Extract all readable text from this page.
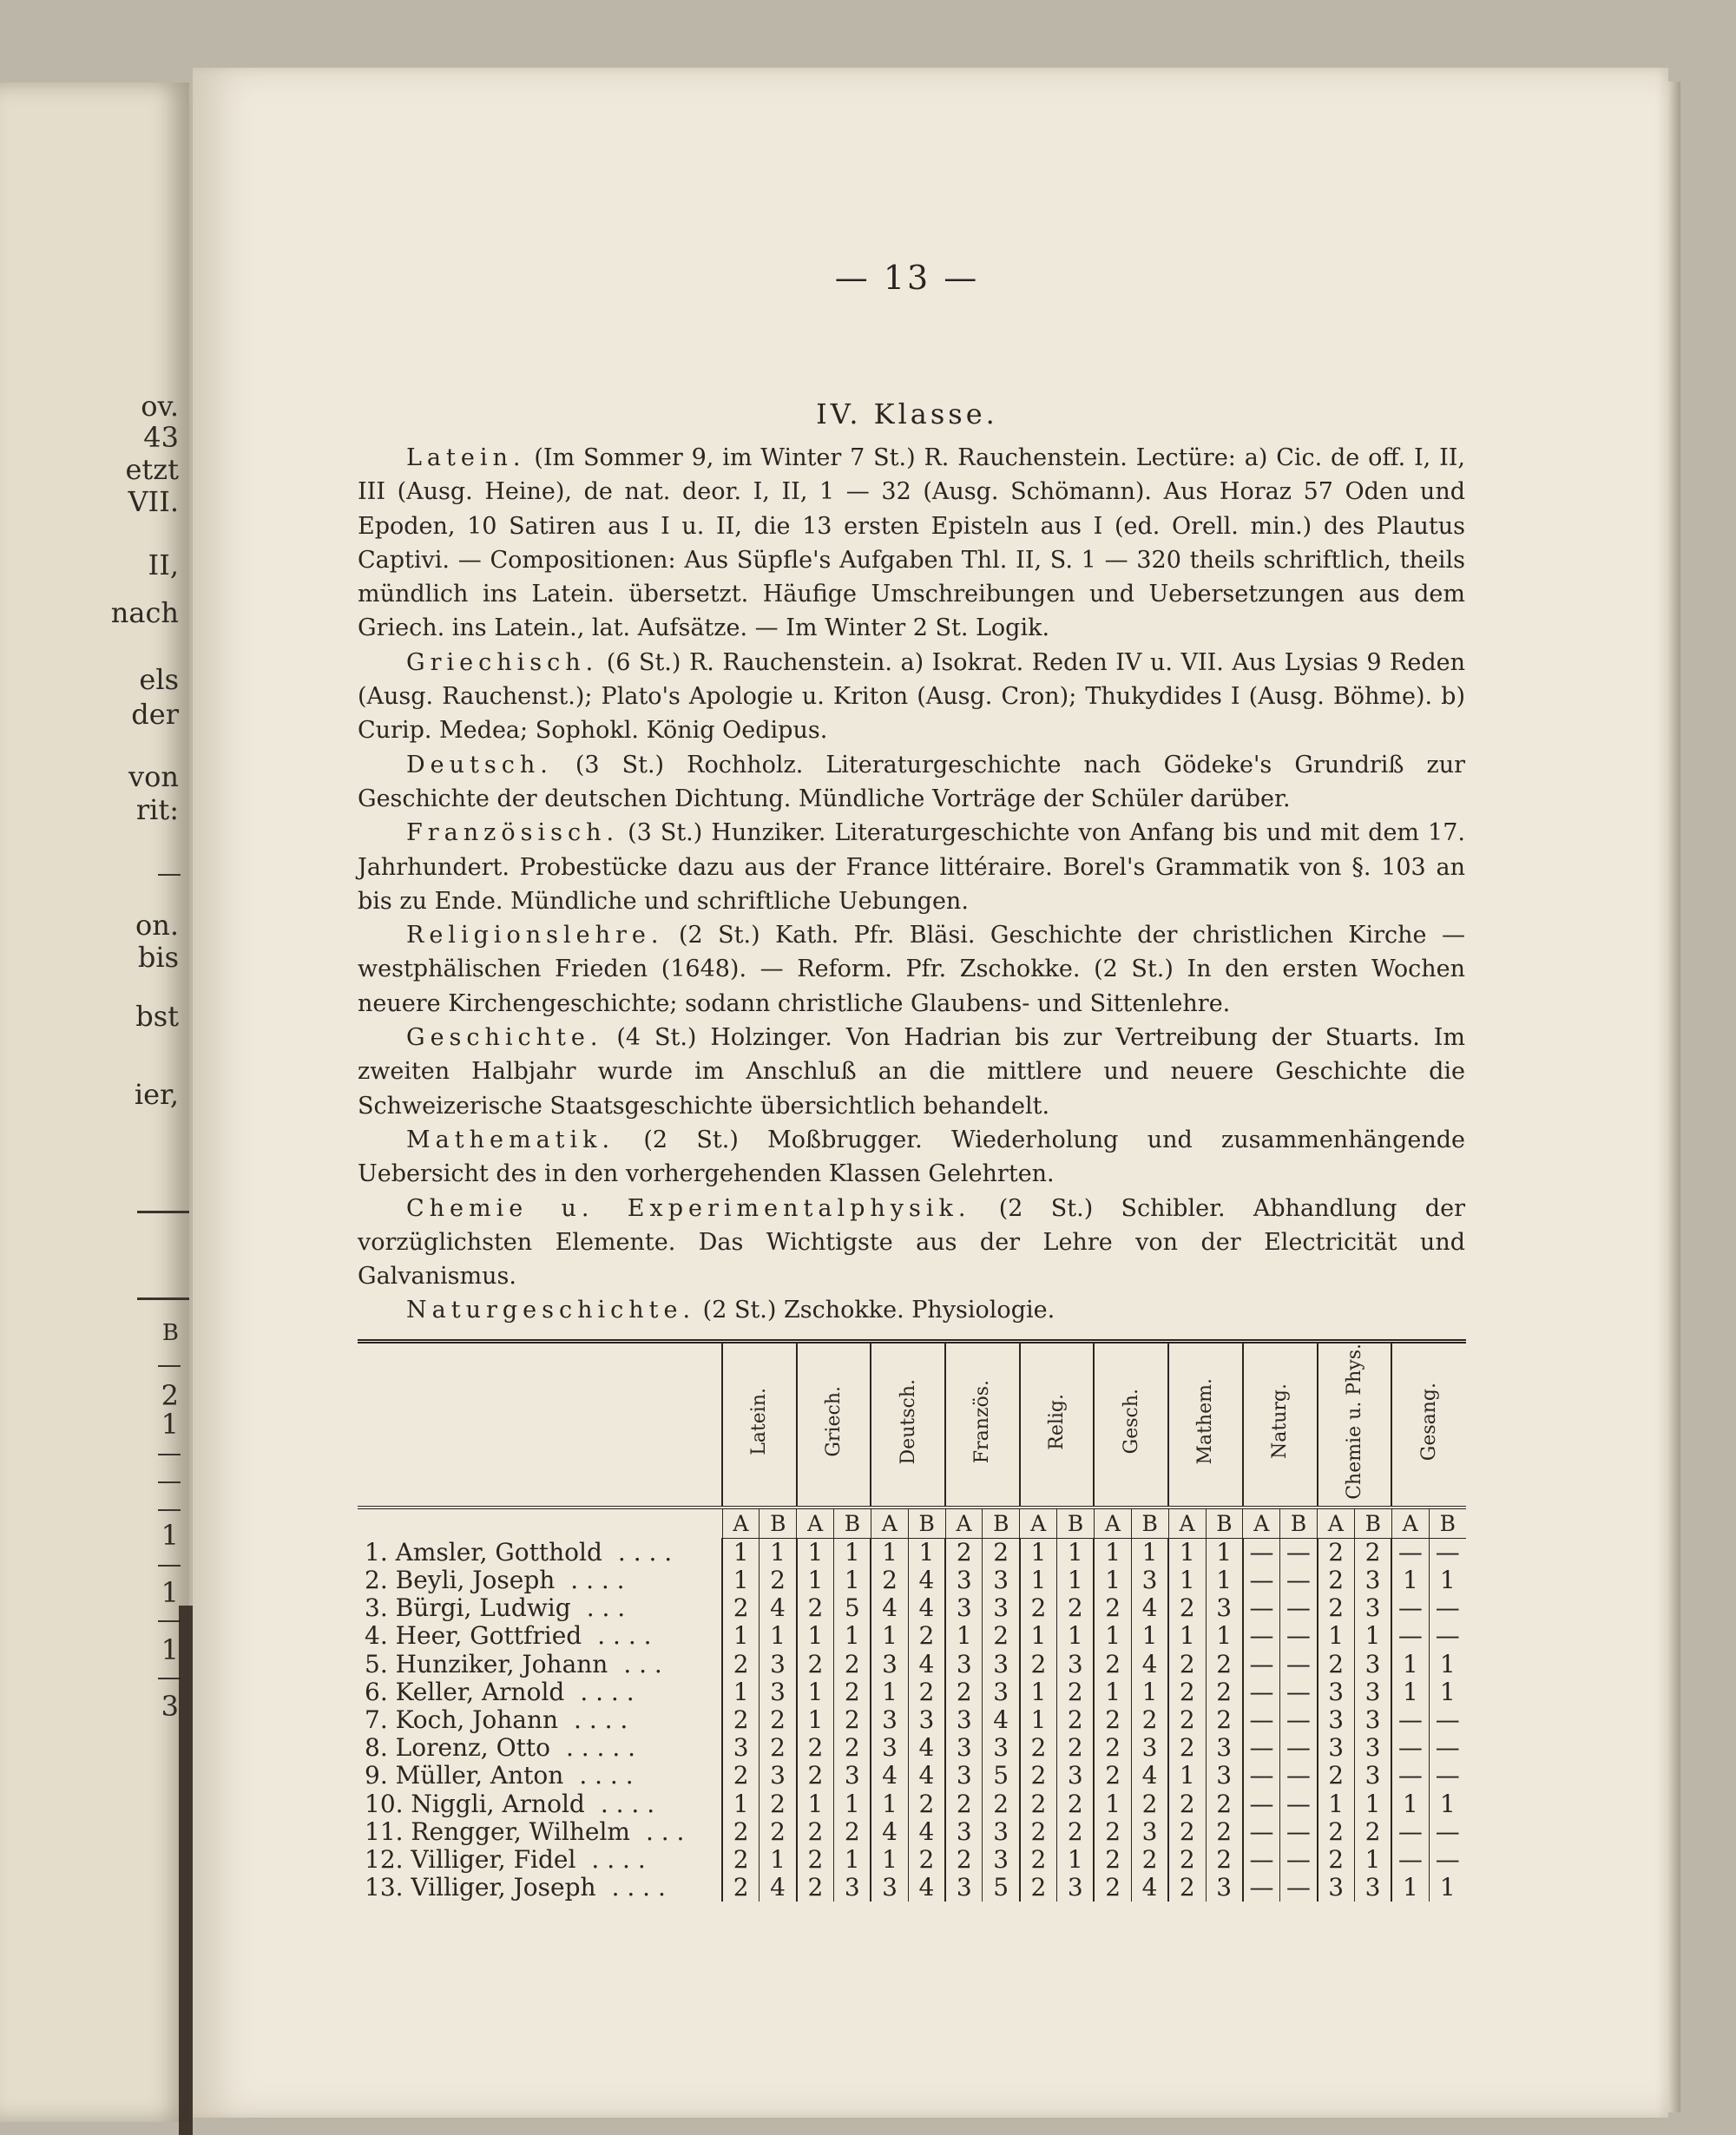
ov.
43
etzt
VII.
II,
nach
els
der
von
rit:
on.
bis
bst
ier,
B
2
1
1
1
1
3
— 13 —
IV. Klasse.

Latein. (Im Sommer 9, im Winter 7 St.) R. Rauchenstein. Lectüre: a) Cic. de off. I, II, III (Ausg. Heine), de nat. deor. I, II, 1 — 32 (Ausg. Schömann). Aus Horaz 57 Oden und Epoden, 10 Satiren aus I u. II, die 13 ersten Episteln aus I (ed. Orell. min.) des Plautus Captivi. — Compositionen: Aus Süpfle's Aufgaben Thl. II, S. 1 — 320 theils schriftlich, theils mündlich ins Latein. übersetzt. Häufige Umschreibungen und Uebersetzungen aus dem Griech. ins Latein., lat. Aufsätze. — Im Winter 2 St. Logik.

Griechisch. (6 St.) R. Rauchenstein. a) Isokrat. Reden IV u. VII. Aus Lysias 9 Reden (Ausg. Rauchenst.); Plato's Apologie u. Kriton (Ausg. Cron); Thukydides I (Ausg. Böhme). b) Curip. Medea; Sophokl. König Oedipus.

Deutsch. (3 St.) Rochholz. Literaturgeschichte nach Gödeke's Grundriß zur Geschichte der deutschen Dichtung. Mündliche Vorträge der Schüler darüber.

Französisch. (3 St.) Hunziker. Literaturgeschichte von Anfang bis und mit dem 17. Jahrhundert. Probestücke dazu aus der France littéraire. Borel's Grammatik von §. 103 an bis zu Ende. Mündliche und schriftliche Uebungen.

Religionslehre. (2 St.) Kath. Pfr. Bläsi. Geschichte der christlichen Kirche — westphälischen Frieden (1648). — Reform. Pfr. Zschokke. (2 St.) In den ersten Wochen neuere Kirchengeschichte; sodann christliche Glaubens- und Sittenlehre.

Geschichte. (4 St.) Holzinger. Von Hadrian bis zur Vertreibung der Stuarts. Im zweiten Halbjahr wurde im Anschluß an die mittlere und neuere Geschichte die Schweizerische Staatsgeschichte übersichtlich behandelt.

Mathematik. (2 St.) Moßbrugger. Wiederholung und zusammenhängende Uebersicht des in den vorhergehenden Klassen Gelehrten.

Chemie u. Experimentalphysik. (2 St.) Schibler. Abhandlung der vorzüglichsten Elemente. Das Wichtigste aus der Lehre von der Electricität und Galvanismus.

Naturgeschichte. (2 St.) Zschokke. Physiologie.

	Latein.		Griech.		Deutsch.		Französ.		Relig.		Gesch.		Mathem.		Naturg.		Chemie u. Phys.		Gesang.	
	A	B	A	B	A	B	A	B	A	B	A	B	A	B	A	B	A	B	A	B
1. Amsler, Gotthold . . . .	1	1	1	1	1	1	2	2	1	1	1	1	1	1	—	—	2	2	—	—
2. Beyli, Joseph . . . .	1	2	1	1	2	4	3	3	1	1	1	3	1	1	—	—	2	3	1	1
3. Bürgi, Ludwig . . .	2	4	2	5	4	4	3	3	2	2	2	4	2	3	—	—	2	3	—	—
4. Heer, Gottfried . . . .	1	1	1	1	1	2	1	2	1	1	1	1	1	1	—	—	1	1	—	—
5. Hunziker, Johann . . .	2	3	2	2	3	4	3	3	2	3	2	4	2	2	—	—	2	3	1	1
6. Keller, Arnold . . . .	1	3	1	2	1	2	2	3	1	2	1	1	2	2	—	—	3	3	1	1
7. Koch, Johann . . . .	2	2	1	2	3	3	3	4	1	2	2	2	2	2	—	—	3	3	—	—
8. Lorenz, Otto . . . . .	3	2	2	2	3	4	3	3	2	2	2	3	2	3	—	—	3	3	—	—
9. Müller, Anton . . . .	2	3	2	3	4	4	3	5	2	3	2	4	1	3	—	—	2	3	—	—
10. Niggli, Arnold . . . .	1	2	1	1	1	2	2	2	2	2	1	2	2	2	—	—	1	1	1	1
11. Rengger, Wilhelm . . .	2	2	2	2	4	4	3	3	2	2	2	3	2	2	—	—	2	2	—	—
12. Villiger, Fidel . . . .	2	1	2	1	1	2	2	3	2	1	2	2	2	2	—	—	2	1	—	—
13. Villiger, Joseph . . . .	2	4	2	3	3	4	3	5	2	3	2	4	2	3	—	—	3	3	1	1
